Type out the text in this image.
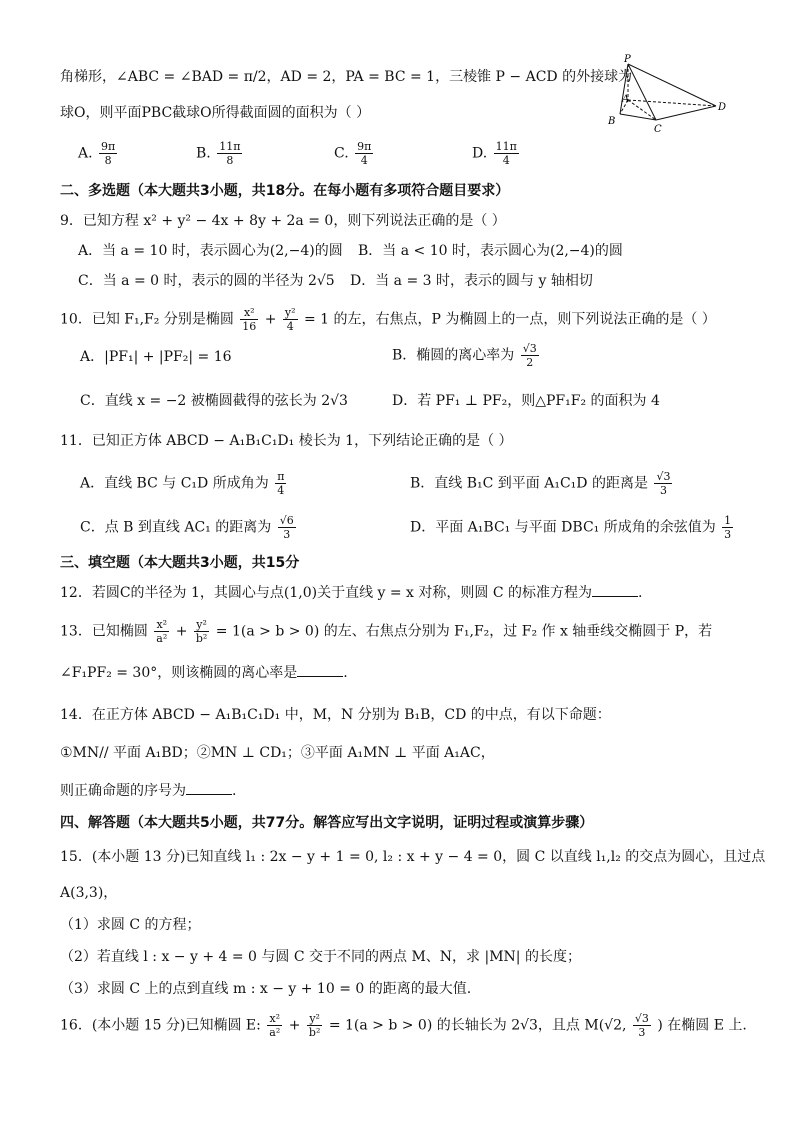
角梯形，∠ABC = ∠BAD = π/2，AD = 2，PA = BC = 1，三棱锥 P − ACD 的外接球为
球O，则平面PBC截球O所得截面圆的面积为（ ）
P
A
B
C
D
A. $\frac{9\pi}{8}$	B. $\frac{11\pi}{8}$	C. $\frac{9\pi}{4}$	D. $\frac{11\pi}{4}$
二、多选题（本大题共3小题，共18分。在每小题有多项符合题目要求）
9．已知方程 x² + y² − 4x + 8y + 2a = 0，则下列说法正确的是（ ）
A．当 a = 10 时，表示圆心为(2,−4)的圆 B．当 a < 10 时，表示圆心为(2,−4)的圆
C．当 a = 0 时，表示的圆的半径为 2√5 D．当 a = 3 时，表示的圆与 y 轴相切
10．已知 F₁,F₂ 分别是椭圆 $\frac{\text{x²}}{16} + \frac{\text{y²}}{4} = 1$ 的左，右焦点，P 为椭圆上的一点，则下列说法正确的是（ ）
A．|PF₁| + |PF₂| = 16	B．椭圆的离心率为 $\frac{√3}{2}$
C．直线 x = −2 被椭圆截得的弦长为 2√3	D．若 PF₁ ⊥ PF₂，则△PF₁F₂ 的面积为 4
11．已知正方体 ABCD − A₁B₁C₁D₁ 棱长为 1，下列结论正确的是（ ）
A．直线 BC 与 C₁D 所成角为 $\frac{\pi}{4}$	B．直线 B₁C 到平面 A₁C₁D 的距离是 $\frac{√3}{3}$
C．点 B 到直线 AC₁ 的距离为 $\frac{√6}{3}$	D．平面 A₁BC₁ 与平面 DBC₁ 所成角的余弦值为 $\frac{1}{3}$
三、填空题（本大题共3小题，共15分
12．若圆C的半径为 1，其圆心与点(1,0)关于直线 y = x 对称，则圆 C 的标准方程为	.
13．已知椭圆 $\frac{\text{x²}}{\text{a²}} + \frac{\text{y²}}{\text{b²}} = 1(a > b > 0)$ 的左、右焦点分别为 F₁,F₂，过 F₂ 作 x 轴垂线交椭圆于 P，若
∠F₁PF₂ = 30°，则该椭圆的离心率是	.
14．在正方体 ABCD − A₁B₁C₁D₁ 中，M，N 分别为 B₁B，CD 的中点，有以下命题：
①MN// 平面 A₁BD；②MN ⊥ CD₁；③平面 A₁MN ⊥ 平面 A₁AC，
则正确命题的序号为	.
四、解答题（本大题共5小题，共77分。解答应写出文字说明，证明过程或演算步骤）
15．(本小题 13 分)已知直线 l₁ : 2x − y + 1 = 0, l₂ : x + y − 4 = 0，圆 C 以直线 l₁,l₂ 的交点为圆心，且过点
A(3,3)，
（1）求圆 C 的方程；
（2）若直线 l : x − y + 4 = 0 与圆 C 交于不同的两点 M、N，求 |MN| 的长度；
（3）求圆 C 上的点到直线 m : x − y + 10 = 0 的距离的最大值.
16．(本小题 15 分)已知椭圆 E: $\frac{\text{x²}}{\text{a²}} + \frac{\text{y²}}{\text{b²}} = 1(a > b > 0)$ 的长轴长为 2√3，且点 M(√2, $\frac{√3}{3}$ ) 在椭圆 E 上.
